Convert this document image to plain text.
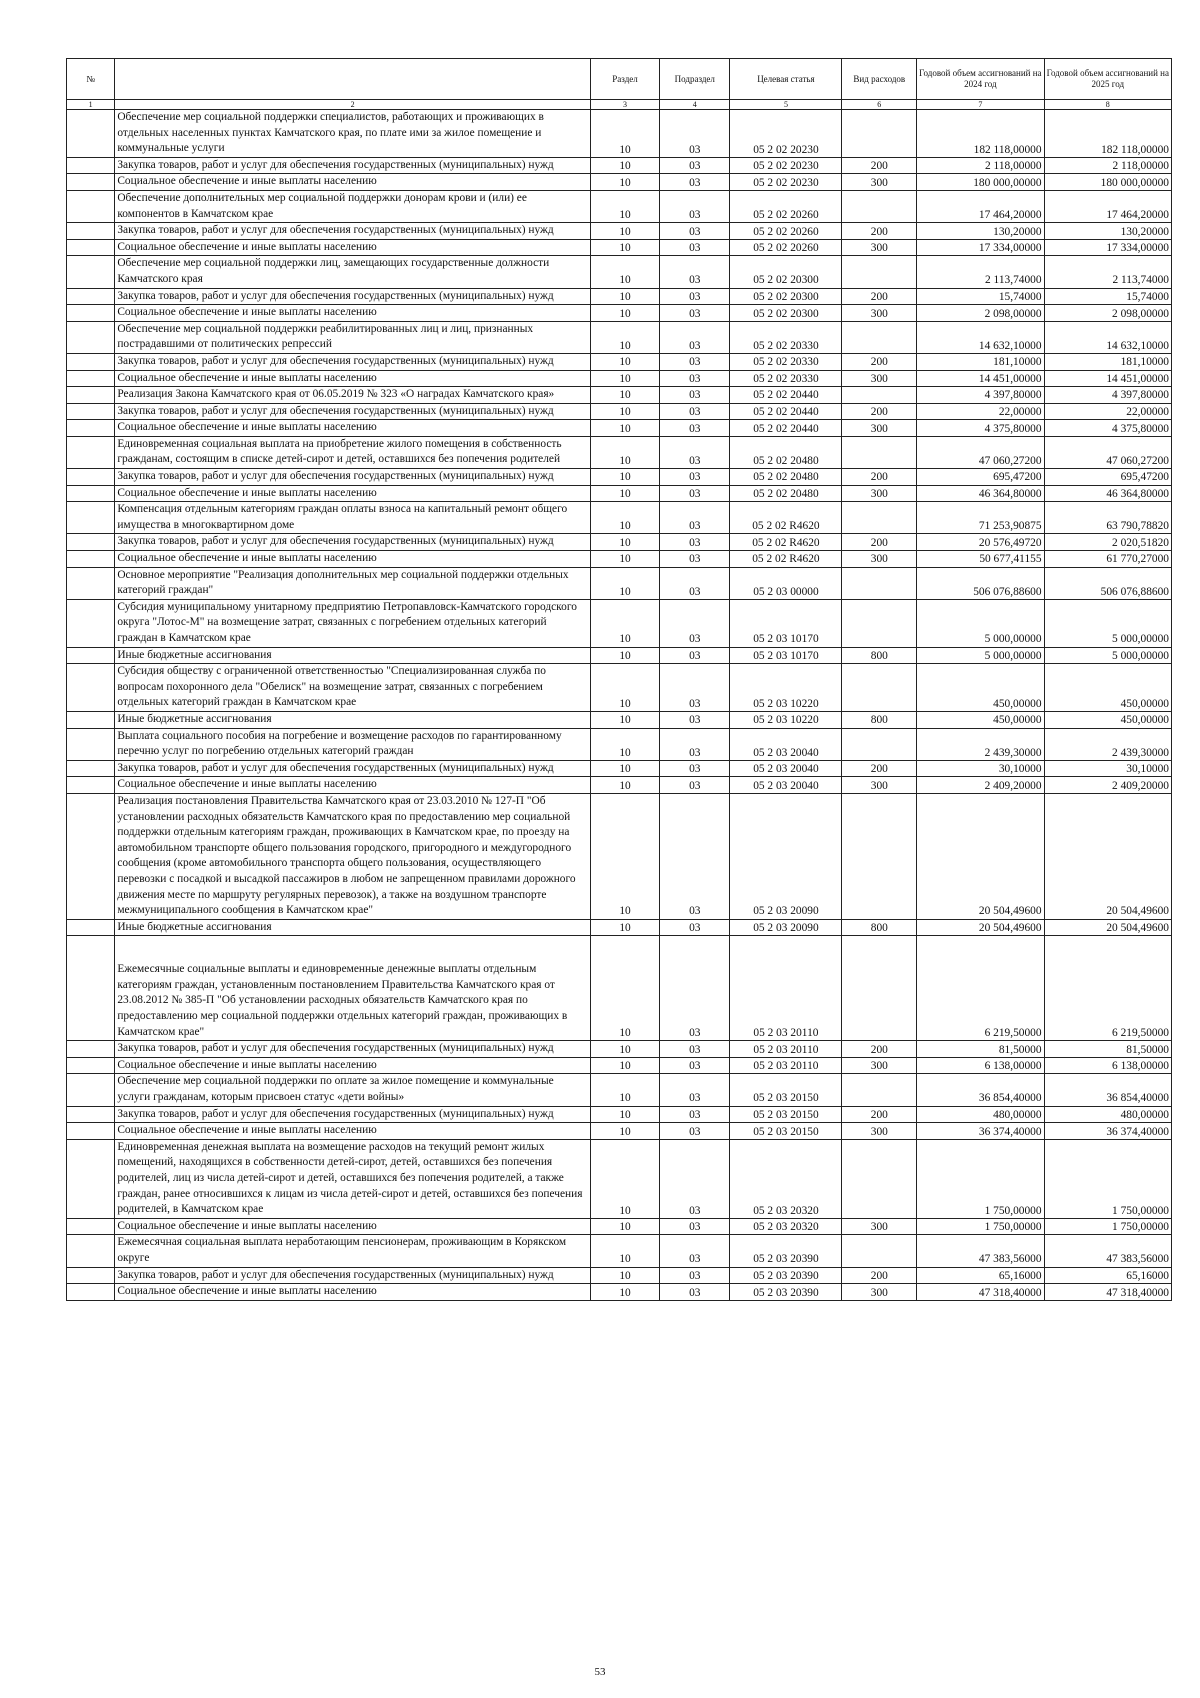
№		Раздел	Подраздел	Целевая статья	Вид расходов	Годовой объем ассигнований на 2024 год	Годовой объем ассигнований на 2025 год
1	2	3	4	5	6	7	8
	Обеспечение мер социальной поддержки специалистов, работающих и проживающих в отдельных населенных пунктах Камчатского края, по плате ими за жилое помещение и коммунальные услуги	10	03	05 2 02 20230		182 118,00000	182 118,00000
	Закупка товаров, работ и услуг для обеспечения государственных (муниципальных) нужд	10	03	05 2 02 20230	200	2 118,00000	2 118,00000
	Социальное обеспечение и иные выплаты населению	10	03	05 2 02 20230	300	180 000,00000	180 000,00000
	Обеспечение дополнительных мер социальной поддержки донорам крови и (или) ее компонентов в Камчатском крае	10	03	05 2 02 20260		17 464,20000	17 464,20000
	Закупка товаров, работ и услуг для обеспечения государственных (муниципальных) нужд	10	03	05 2 02 20260	200	130,20000	130,20000
	Социальное обеспечение и иные выплаты населению	10	03	05 2 02 20260	300	17 334,00000	17 334,00000
	Обеспечение мер социальной поддержки лиц, замещающих государственные должности Камчатского края	10	03	05 2 02 20300		2 113,74000	2 113,74000
	Закупка товаров, работ и услуг для обеспечения государственных (муниципальных) нужд	10	03	05 2 02 20300	200	15,74000	15,74000
	Социальное обеспечение и иные выплаты населению	10	03	05 2 02 20300	300	2 098,00000	2 098,00000
	Обеспечение мер социальной поддержки реабилитированных лиц и лиц, признанных пострадавшими от политических репрессий	10	03	05 2 02 20330		14 632,10000	14 632,10000
	Закупка товаров, работ и услуг для обеспечения государственных (муниципальных) нужд	10	03	05 2 02 20330	200	181,10000	181,10000
	Социальное обеспечение и иные выплаты населению	10	03	05 2 02 20330	300	14 451,00000	14 451,00000
	Реализация Закона Камчатского края от 06.05.2019 № 323 «О наградах Камчатского края»	10	03	05 2 02 20440		4 397,80000	4 397,80000
	Закупка товаров, работ и услуг для обеспечения государственных (муниципальных) нужд	10	03	05 2 02 20440	200	22,00000	22,00000
	Социальное обеспечение и иные выплаты населению	10	03	05 2 02 20440	300	4 375,80000	4 375,80000
	Единовременная социальная выплата на приобретение жилого помещения в собственность гражданам, состоящим в списке детей-сирот и детей, оставшихся без попечения родителей	10	03	05 2 02 20480		47 060,27200	47 060,27200
	Закупка товаров, работ и услуг для обеспечения государственных (муниципальных) нужд	10	03	05 2 02 20480	200	695,47200	695,47200
	Социальное обеспечение и иные выплаты населению	10	03	05 2 02 20480	300	46 364,80000	46 364,80000
	Компенсация отдельным категориям граждан оплаты взноса на капитальный ремонт общего имущества в многоквартирном доме	10	03	05 2 02 R4620		71 253,90875	63 790,78820
	Закупка товаров, работ и услуг для обеспечения государственных (муниципальных) нужд	10	03	05 2 02 R4620	200	20 576,49720	2 020,51820
	Социальное обеспечение и иные выплаты населению	10	03	05 2 02 R4620	300	50 677,41155	61 770,27000
	Основное мероприятие "Реализация дополнительных мер социальной поддержки отдельных категорий граждан"	10	03	05 2 03 00000		506 076,88600	506 076,88600
	Субсидия муниципальному унитарному предприятию Петропавловск-Камчатского городского округа "Лотос-М" на возмещение затрат, связанных с погребением отдельных категорий граждан в Камчатском крае	10	03	05 2 03 10170		5 000,00000	5 000,00000
	Иные бюджетные ассигнования	10	03	05 2 03 10170	800	5 000,00000	5 000,00000
	Субсидия обществу с ограниченной ответственностью "Специализированная служба по вопросам похоронного дела "Обелиск" на возмещение затрат, связанных с погребением отдельных категорий граждан в Камчатском крае	10	03	05 2 03 10220		450,00000	450,00000
	Иные бюджетные ассигнования	10	03	05 2 03 10220	800	450,00000	450,00000
	Выплата социального пособия на погребение и возмещение расходов по гарантированному перечню услуг по погребению отдельных категорий граждан	10	03	05 2 03 20040		2 439,30000	2 439,30000
	Закупка товаров, работ и услуг для обеспечения государственных (муниципальных) нужд	10	03	05 2 03 20040	200	30,10000	30,10000
	Социальное обеспечение и иные выплаты населению	10	03	05 2 03 20040	300	2 409,20000	2 409,20000
	Реализация постановления Правительства Камчатского края от 23.03.2010 № 127-П "Об установлении расходных обязательств Камчатского края по предоставлению мер социальной поддержки отдельным категориям граждан, проживающих в Камчатском крае, по проезду на автомобильном транспорте общего пользования городского, пригородного и междугородного сообщения (кроме автомобильного транспорта общего пользования, осуществляющего перевозки с посадкой и высадкой пассажиров в любом не запрещенном правилами дорожного движения месте по маршруту регулярных перевозок), а также на воздушном транспорте межмуниципального сообщения в Камчатском крае"	10	03	05 2 03 20090		20 504,49600	20 504,49600
	Иные бюджетные ассигнования	10	03	05 2 03 20090	800	20 504,49600	20 504,49600
	Ежемесячные социальные выплаты и единовременные денежные выплаты отдельным категориям граждан, установленным постановлением Правительства Камчатского края от 23.08.2012 № 385-П "Об установлении расходных обязательств Камчатского края по предоставлению мер социальной поддержки отдельных категорий граждан, проживающих в Камчатском крае"	10	03	05 2 03 20110		6 219,50000	6 219,50000
	Закупка товаров, работ и услуг для обеспечения государственных (муниципальных) нужд	10	03	05 2 03 20110	200	81,50000	81,50000
	Социальное обеспечение и иные выплаты населению	10	03	05 2 03 20110	300	6 138,00000	6 138,00000
	Обеспечение мер социальной поддержки по оплате за жилое помещение и коммунальные услуги гражданам, которым присвоен статус «дети войны»	10	03	05 2 03 20150		36 854,40000	36 854,40000
	Закупка товаров, работ и услуг для обеспечения государственных (муниципальных) нужд	10	03	05 2 03 20150	200	480,00000	480,00000
	Социальное обеспечение и иные выплаты населению	10	03	05 2 03 20150	300	36 374,40000	36 374,40000
	Единовременная денежная выплата на возмещение расходов на текущий ремонт жилых помещений, находящихся в собственности детей-сирот, детей, оставшихся без попечения родителей, лиц из числа детей-сирот и детей, оставшихся без попечения родителей, а также граждан, ранее относившихся к лицам из числа детей-сирот и детей, оставшихся без попечения родителей, в Камчатском крае	10	03	05 2 03 20320		1 750,00000	1 750,00000
	Социальное обеспечение и иные выплаты населению	10	03	05 2 03 20320	300	1 750,00000	1 750,00000
	Ежемесячная социальная выплата неработающим пенсионерам, проживающим в Корякском округе	10	03	05 2 03 20390		47 383,56000	47 383,56000
	Закупка товаров, работ и услуг для обеспечения государственных (муниципальных) нужд	10	03	05 2 03 20390	200	65,16000	65,16000
	Социальное обеспечение и иные выплаты населению	10	03	05 2 03 20390	300	47 318,40000	47 318,40000
53
